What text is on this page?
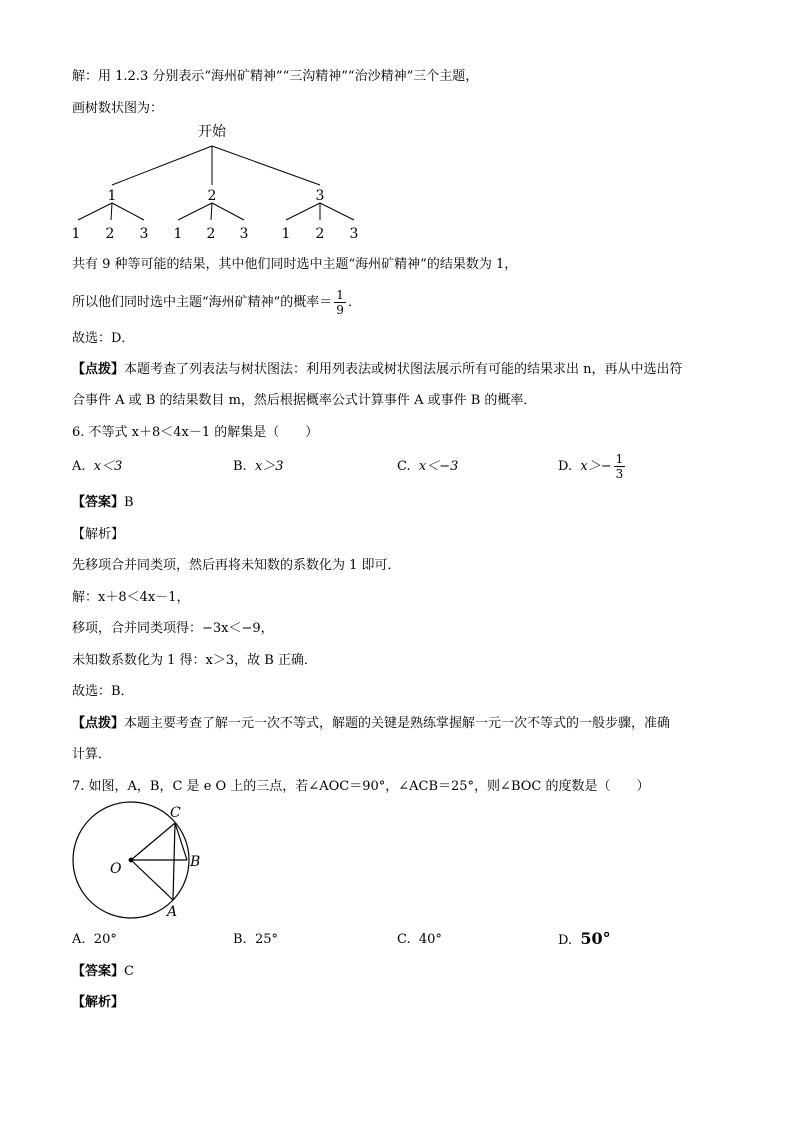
解：用 1.2.3 分别表示“海州矿精神”“三沟精神”“治沙精神”三个主题，
画树数状图为：
开始
1	2	3
1 2 3 1 2 3 1 2 3
共有 9 种等可能的结果，其中他们同时选中主题“海州矿精神”的结果数为 1，
所以他们同时选中主题“海州矿精神”的概率＝ $\frac{1}{9}$ ．
故选：D．
【点拨】本题考查了列表法与树状图法：利用列表法或树状图法展示所有可能的结果求出 n，再从中选出符
合事件 A 或 B 的结果数目 m，然后根据概率公式计算事件 A 或事件 B 的概率．
6. 不等式 x＋8＜4x－1 的解集是（　　）
A. x＜3	B. x＞3	C. x＜−3	D. $x>- \frac{1}{3}$
【答案】B
【解析】
先移项合并同类项，然后再将未知数的系数化为 1 即可．
解：x＋8＜4x－1，
移项，合并同类项得：−3x＜−9，
未知数系数化为 1 得：x＞3，故 B 正确．
故选：B．
【点拨】本题主要考查了解一元一次不等式，解题的关键是熟练掌握解一元一次不等式的一般步骤，准确
计算．
7. 如图，A，B，C 是 e O 上的三点，若∠AOC＝90°，∠ACB＝25°，则∠BOC 的度数是（　　）
O
C
B
A
A. 20°	B. 25°	C. 40°	D. 50°
【答案】C
【解析】
